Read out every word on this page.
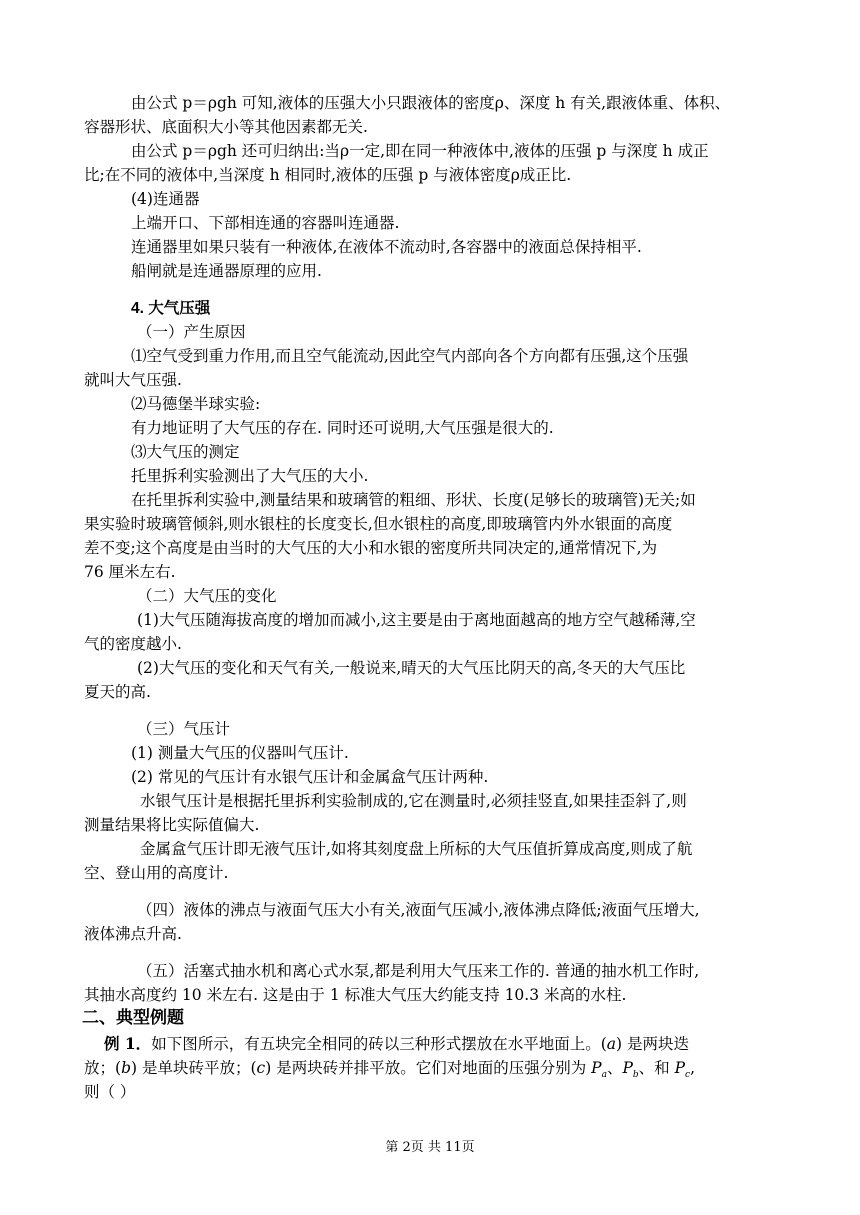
由公式 p＝ρgh 可知,液体的压强大小只跟液体的密度ρ、深度 h 有关,跟液体重、体积、
容器形状、底面积大小等其他因素都无关.
由公式 p＝ρgh 还可归纳出:当ρ一定,即在同一种液体中,液体的压强 p 与深度 h 成正
比;在不同的液体中,当深度 h 相同时,液体的压强 p 与液体密度ρ成正比.
(4)连通器
上端开口、下部相连通的容器叫连通器.
连通器里如果只装有一种液体,在液体不流动时,各容器中的液面总保持相平.
船闸就是连通器原理的应用.
4. 大气压强
（一）产生原因
⑴空气受到重力作用,而且空气能流动,因此空气内部向各个方向都有压强,这个压强
就叫大气压强.
⑵马德堡半球实验:
有力地证明了大气压的存在. 同时还可说明,大气压强是很大的.
⑶大气压的测定
托里拆利实验测出了大气压的大小.
在托里拆利实验中,测量结果和玻璃管的粗细、形状、长度(足够长的玻璃管)无关;如
果实验时玻璃管倾斜,则水银柱的长度变长,但水银柱的高度,即玻璃管内外水银面的高度
差不变;这个高度是由当时的大气压的大小和水银的密度所共同决定的,通常情况下,为
76 厘米左右.
（二）大气压的变化
(1)大气压随海拔高度的增加而减小,这主要是由于离地面越高的地方空气越稀薄,空
气的密度越小.
(2)大气压的变化和天气有关,一般说来,晴天的大气压比阴天的高,冬天的大气压比
夏天的高.
（三）气压计
(1) 测量大气压的仪器叫气压计.
(2) 常见的气压计有水银气压计和金属盒气压计两种.
水银气压计是根据托里拆利实验制成的,它在测量时,必须挂竖直,如果挂歪斜了,则
测量结果将比实际值偏大.
金属盒气压计即无液气压计,如将其刻度盘上所标的大气压值折算成高度,则成了航
空、登山用的高度计.
（四）液体的沸点与液面气压大小有关,液面气压减小,液体沸点降低;液面气压增大,
液体沸点升高.
（五）活塞式抽水机和离心式水泵,都是利用大气压来工作的. 普通的抽水机工作时,
其抽水高度约 10 米左右. 这是由于 1 标准大气压大约能支持 10.3 米高的水柱.
二、典型例题
例 1．如下图所示，有五块完全相同的砖以三种形式摆放在水平地面上。(a) 是两块迭
放；(b) 是单块砖平放；(c) 是两块砖并排平放。它们对地面的压强分别为 $P_a$、$P_b$、和 $P_c$,
则（ ）
第 2页 共 11页
